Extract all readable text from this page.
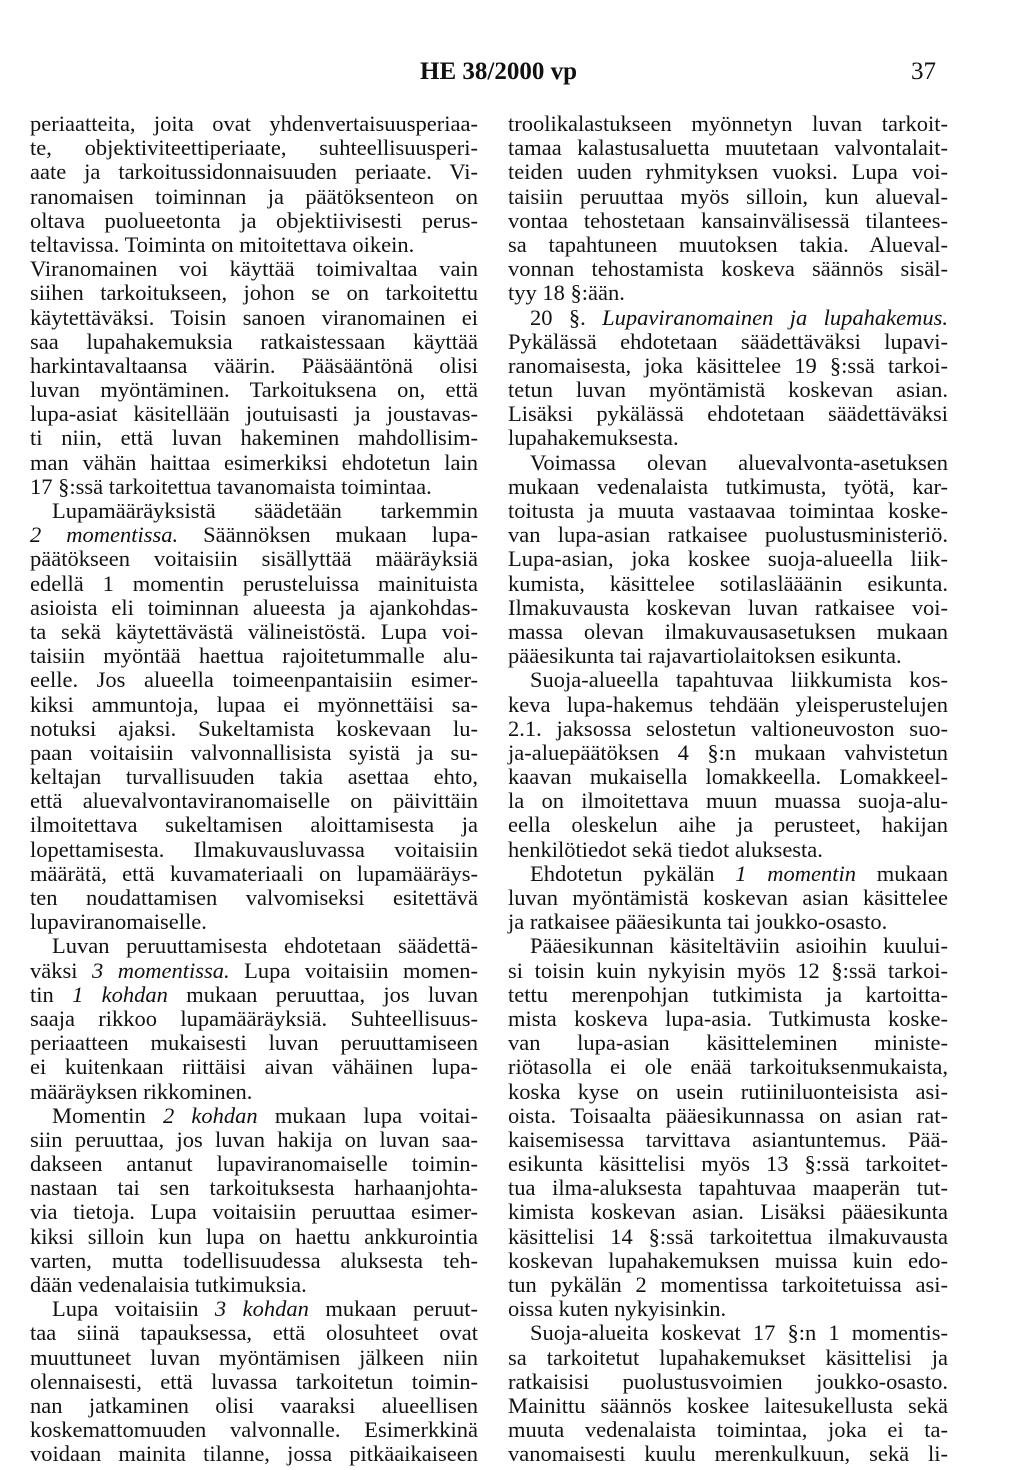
HE 38/2000 vp	37
periaatteita, joita ovat yhdenvertaisuusperiaa-
te, objektiviteettiperiaate, suhteellisuusperi-
aate ja tarkoitussidonnaisuuden periaate. Vi-
ranomaisen toiminnan ja päätöksenteon on
oltava puolueetonta ja objektiivisesti perus-
teltavissa. Toiminta on mitoitettava oikein.
Viranomainen voi käyttää toimivaltaa vain
siihen tarkoitukseen, johon se on tarkoitettu
käytettäväksi. Toisin sanoen viranomainen ei
saa lupahakemuksia ratkaistessaan käyttää
harkintavaltaansa väärin. Pääsääntönä olisi
luvan myöntäminen. Tarkoituksena on, että
lupa-asiat käsitellään joutuisasti ja joustavas-
ti niin, että luvan hakeminen mahdollisim-
man vähän haittaa esimerkiksi ehdotetun lain
17 §:ssä tarkoitettua tavanomaista toimintaa.
Lupamääräyksistä säädetään tarkemmin
2 momentissa. Säännöksen mukaan lupa-
päätökseen voitaisiin sisällyttää määräyksiä
edellä 1 momentin perusteluissa mainituista
asioista eli toiminnan alueesta ja ajankohdas-
ta sekä käytettävästä välineistöstä. Lupa voi-
taisiin myöntää haettua rajoitetummalle alu-
eelle. Jos alueella toimeenpantaisiin esimer-
kiksi ammuntoja, lupaa ei myönnettäisi sa-
notuksi ajaksi. Sukeltamista koskevaan lu-
paan voitaisiin valvonnallisista syistä ja su-
keltajan turvallisuuden takia asettaa ehto,
että aluevalvontaviranomaiselle on päivittäin
ilmoitettava sukeltamisen aloittamisesta ja
lopettamisesta. Ilmakuvausluvassa voitaisiin
määrätä, että kuvamateriaali on lupamääräys-
ten noudattamisen valvomiseksi esitettävä
lupaviranomaiselle.
Luvan peruuttamisesta ehdotetaan säädettä-
väksi 3 momentissa. Lupa voitaisiin momen-
tin 1 kohdan mukaan peruuttaa, jos luvan
saaja rikkoo lupamääräyksiä. Suhteellisuus-
periaatteen mukaisesti luvan peruuttamiseen
ei kuitenkaan riittäisi aivan vähäinen lupa-
määräyksen rikkominen.
Momentin 2 kohdan mukaan lupa voitai-
siin peruuttaa, jos luvan hakija on luvan saa-
dakseen antanut lupaviranomaiselle toimin-
nastaan tai sen tarkoituksesta harhaanjohta-
via tietoja. Lupa voitaisiin peruuttaa esimer-
kiksi silloin kun lupa on haettu ankkurointia
varten, mutta todellisuudessa aluksesta teh-
dään vedenalaisia tutkimuksia.
Lupa voitaisiin 3 kohdan mukaan peruut-
taa siinä tapauksessa, että olosuhteet ovat
muuttuneet luvan myöntämisen jälkeen niin
olennaisesti, että luvassa tarkoitetun toimin-
nan jatkaminen olisi vaaraksi alueellisen
koskemattomuuden valvonnalle. Esimerkkinä
voidaan mainita tilanne, jossa pitkäaikaiseen
troolikalastukseen myönnetyn luvan tarkoit-
tamaa kalastusaluetta muutetaan valvontalait-
teiden uuden ryhmityksen vuoksi. Lupa voi-
taisiin peruuttaa myös silloin, kun alueval-
vontaa tehostetaan kansainvälisessä tilantees-
sa tapahtuneen muutoksen takia. Alueval-
vonnan tehostamista koskeva säännös sisäl-
tyy 18 §:ään.
20 §. Lupaviranomainen ja lupahakemus.
Pykälässä ehdotetaan säädettäväksi lupavi-
ranomaisesta, joka käsittelee 19 §:ssä tarkoi-
tetun luvan myöntämistä koskevan asian.
Lisäksi pykälässä ehdotetaan säädettäväksi
lupahakemuksesta.
Voimassa olevan aluevalvonta-asetuksen
mukaan vedenalaista tutkimusta, työtä, kar-
toitusta ja muuta vastaavaa toimintaa koske-
van lupa-asian ratkaisee puolustusministeriö.
Lupa-asian, joka koskee suoja-alueella liik-
kumista, käsittelee sotilaslääänin esikunta.
Ilmakuvausta koskevan luvan ratkaisee voi-
massa olevan ilmakuvausasetuksen mukaan
pääesikunta tai rajavartiolaitoksen esikunta.
Suoja-alueella tapahtuvaa liikkumista kos-
keva lupa-hakemus tehdään yleisperustelujen
2.1. jaksossa selostetun valtioneuvoston suo-
ja-aluepäätöksen 4 §:n mukaan vahvistetun
kaavan mukaisella lomakkeella. Lomakkeel-
la on ilmoitettava muun muassa suoja-alu-
eella oleskelun aihe ja perusteet, hakijan
henkilötiedot sekä tiedot aluksesta.
Ehdotetun pykälän 1 momentin mukaan
luvan myöntämistä koskevan asian käsittelee
ja ratkaisee pääesikunta tai joukko-osasto.
Pääesikunnan käsiteltäviin asioihin kuului-
si toisin kuin nykyisin myös 12 §:ssä tarkoi-
tettu merenpohjan tutkimista ja kartoitta-
mista koskeva lupa-asia. Tutkimusta koske-
van lupa-asian käsitteleminen ministe-
riötasolla ei ole enää tarkoituksenmukaista,
koska kyse on usein rutiiniluonteisista asi-
oista. Toisaalta pääesikunnassa on asian rat-
kaisemisessa tarvittava asiantuntemus. Pää-
esikunta käsittelisi myös 13 §:ssä tarkoitet-
tua ilma-aluksesta tapahtuvaa maaperän tut-
kimista koskevan asian. Lisäksi pääesikunta
käsittelisi 14 §:ssä tarkoitettua ilmakuvausta
koskevan lupahakemuksen muissa kuin edo-
tun pykälän 2 momentissa tarkoitetuissa asi-
oissa kuten nykyisinkin.
Suoja-alueita koskevat 17 §:n 1 momentis-
sa tarkoitetut lupahakemukset käsittelisi ja
ratkaisisi puolustusvoimien joukko-osasto.
Mainittu säännös koskee laitesukellusta sekä
muuta vedenalaista toimintaa, joka ei ta-
vanomaisesti kuulu merenkulkuun, sekä li-
